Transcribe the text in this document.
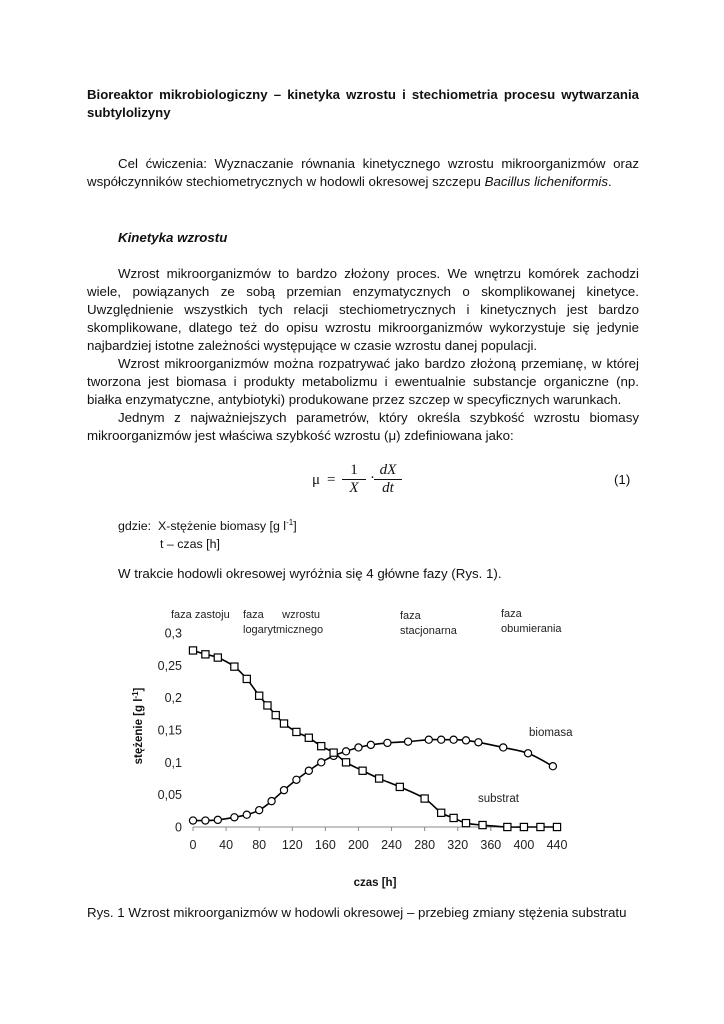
Bioreaktor mikrobiologiczny – kinetyka wzrostu i stechiometria procesu wytwarzania subtylolizyny

Cel ćwiczenia: Wyznaczanie równania kinetycznego wzrostu mikroorganizmów oraz współczynników stechiometrycznych w hodowli okresowej szczepu Bacillus licheniformis.

Kinetyka wzrostu

Wzrost mikroorganizmów to bardzo złożony proces. We wnętrzu komórek zachodzi wiele, powiązanych ze sobą przemian enzymatycznych o skomplikowanej kinetyce. Uwzględnienie wszystkich tych relacji stechiometrycznych i kinetycznych jest bardzo skomplikowane, dlatego też do opisu wzrostu mikroorganizmów wykorzystuje się jedynie najbardziej istotne zależności występujące w czasie wzrostu danej populacji.

Wzrost mikroorganizmów można rozpatrywać jako bardzo złożoną przemianę, w której tworzona jest biomasa i produkty metabolizmu i ewentualnie substancje organiczne (np. białka enzymatyczne, antybiotyki) produkowane przez szczep w specyficznych warunkach.

Jednym z najważniejszych parametrów, który określa szybkość wzrostu biomasy mikroorganizmów jest właściwa szybkość wzrostu (μ) zdefiniowana jako:

$\mu = \frac{1}{X} \cdot \frac{dX}{dt}$	(1)
gdzie: X-stężenie biomasy [g $l^{-1}$]
t – czas [h]
W trakcie hodowli okresowej wyróżnia się 4 główne fazy (Rys. 1).
0 40 80 120 160 200 240 280 320 360 400 440
0
0,05
0,1
0,15
0,2
0,25
0,3
czas [h]
stężenie [g $l^{-1}$]
faza zastoju faza      wzrostu
logarytmicznego
faza
stacjonarna
faza
obumierania
biomasa
substrat
Rys. 1 Wzrost mikroorganizmów w hodowli okresowej – przebieg zmiany stężenia substratu
